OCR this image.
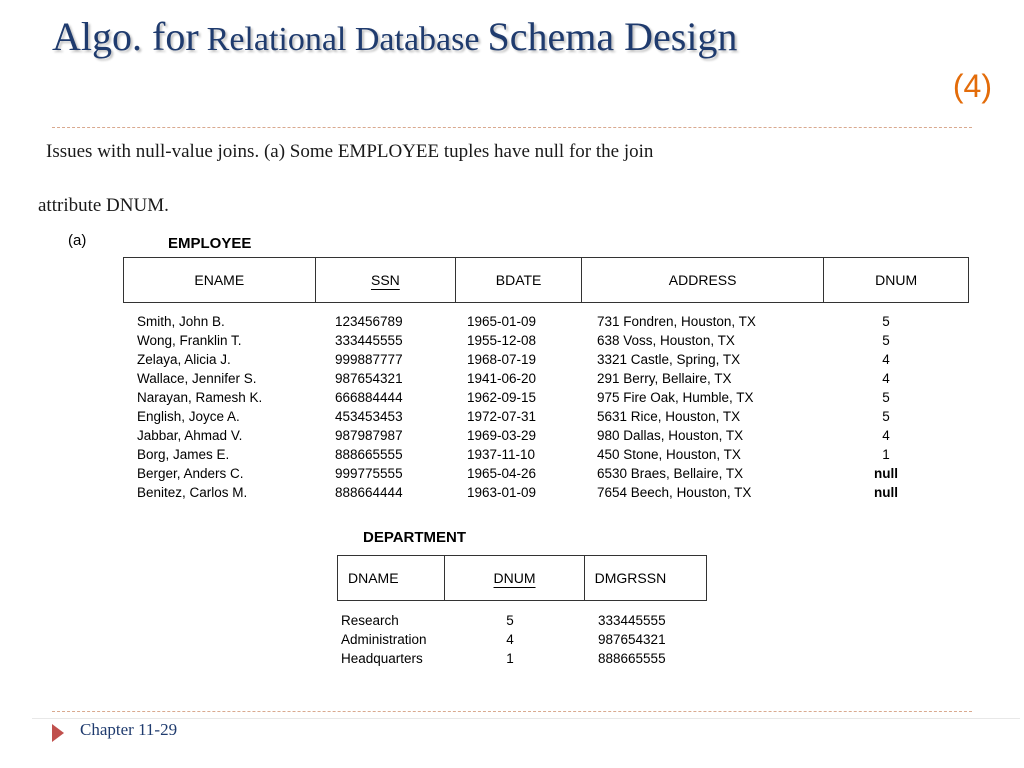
Algo. for Relational Database Schema Design
(4)
Issues with null-value joins. (a) Some EMPLOYEE tuples have null for the join
attribute DNUM.
(a)	EMPLOYEE
ENAME	SSN	BDATE	ADDRESS	DNUM
Smith, John B.	123456789	1965-01-09	731 Fondren, Houston, TX	5
Wong, Franklin T.	333445555	1955-12-08	638 Voss, Houston, TX	5
Zelaya, Alicia J.	999887777	1968-07-19	3321 Castle, Spring, TX	4
Wallace, Jennifer S.	987654321	1941-06-20	291 Berry, Bellaire, TX	4
Narayan, Ramesh K.	666884444	1962-09-15	975 Fire Oak, Humble, TX	5
English, Joyce A.	453453453	1972-07-31	5631 Rice, Houston, TX	5
Jabbar, Ahmad V.	987987987	1969-03-29	980 Dallas, Houston, TX	4
Borg, James E.	888665555	1937-11-10	450 Stone, Houston, TX	1
Berger, Anders C.	999775555	1965-04-26	6530 Braes, Bellaire, TX	null
Benitez, Carlos M.	888664444	1963-01-09	7654 Beech, Houston, TX	null
DEPARTMENT
DNAME	DNUM	DMGRSSN
Research	5	333445555
Administration	4	987654321
Headquarters	1	888665555
Chapter 11-29
